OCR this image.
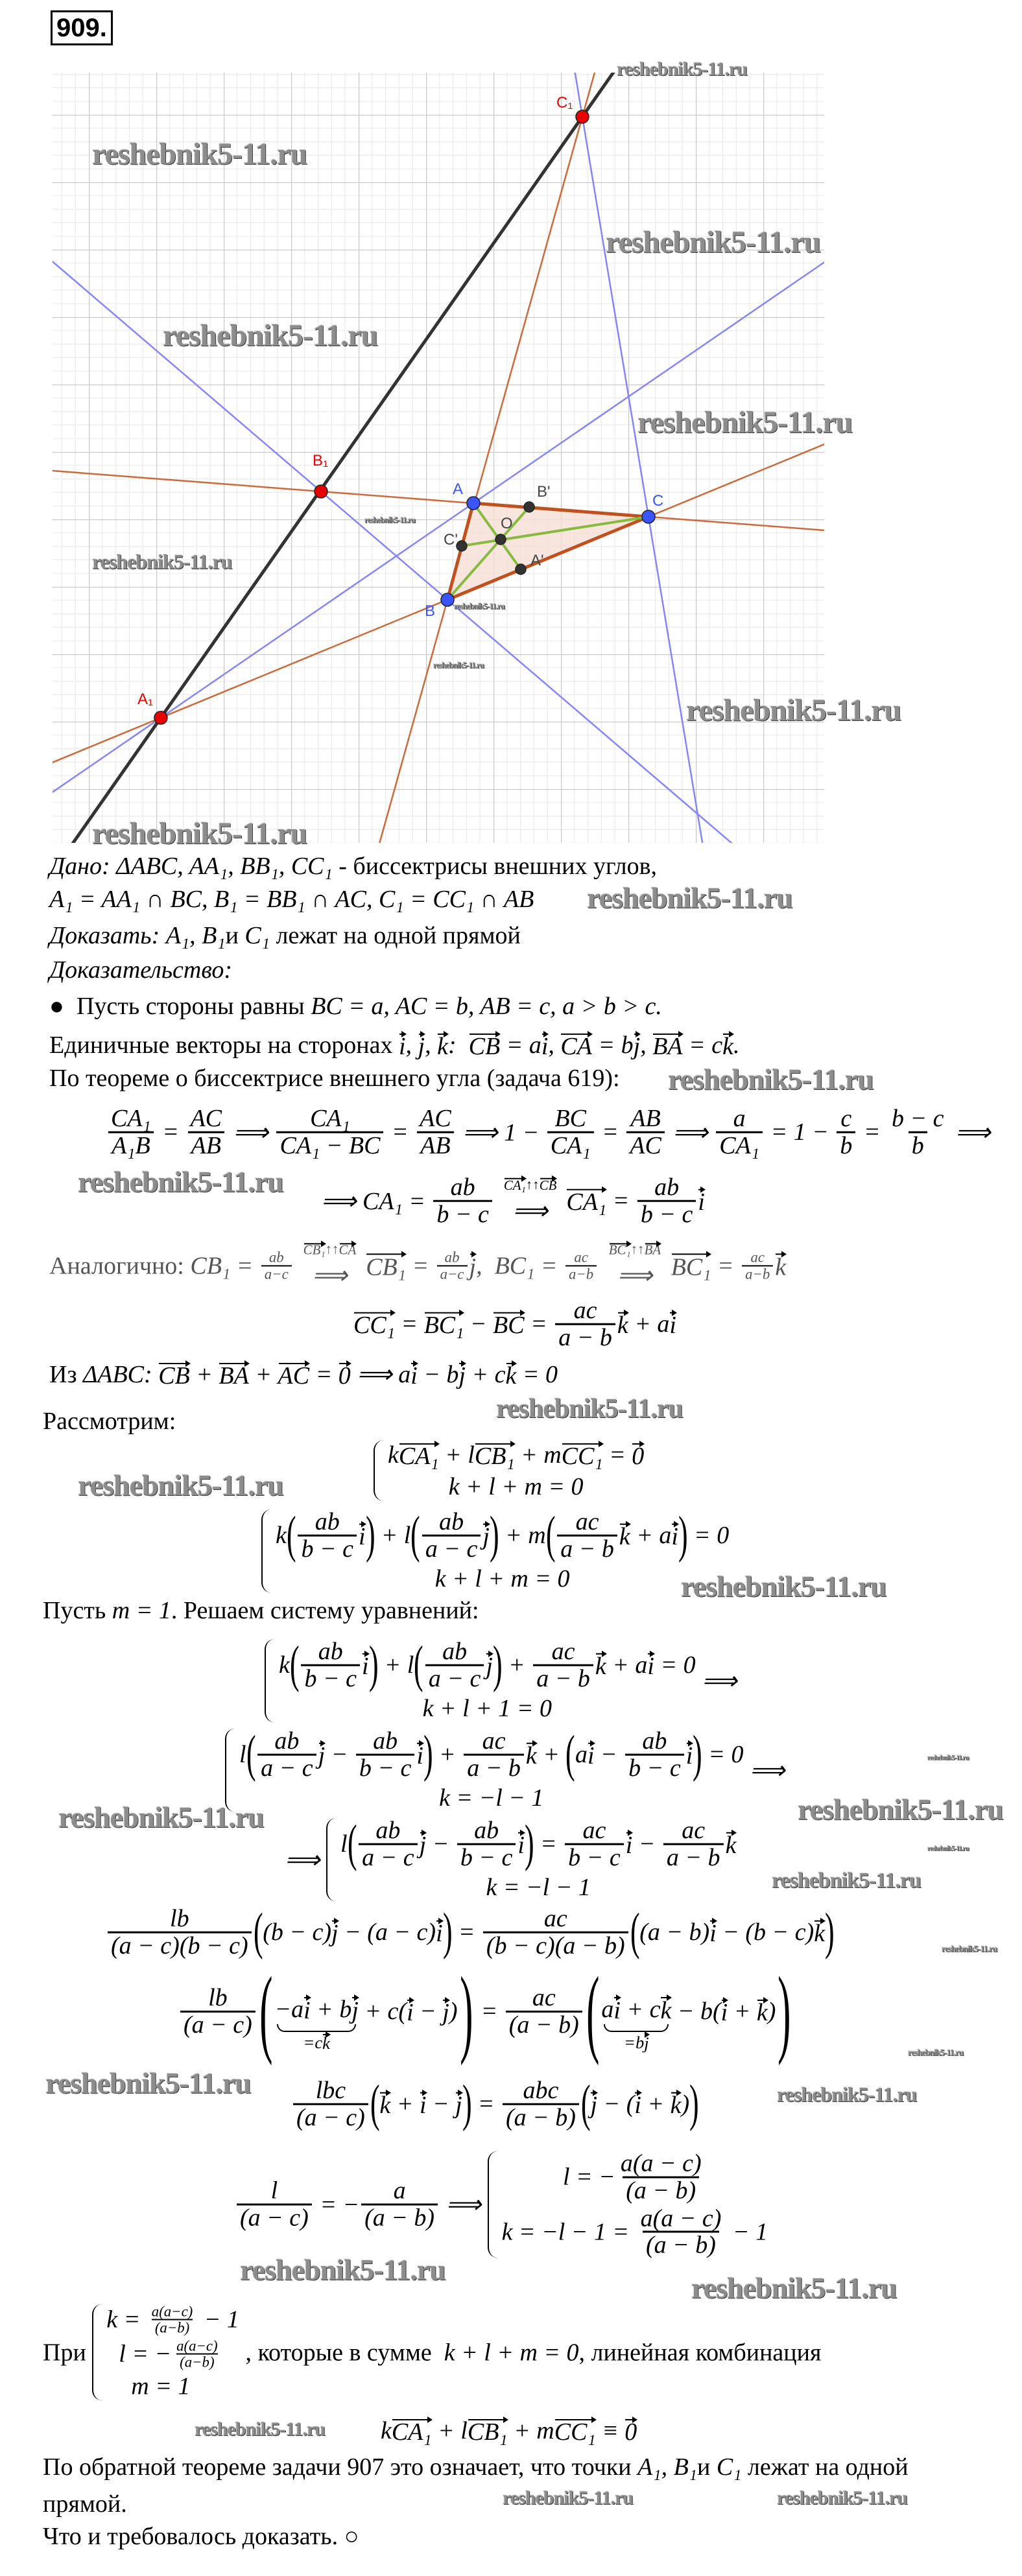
909.
C₁
B₁
A₁
A
B
C
O
B'
C'
A'
reshebnik5-11.ru
reshebnik5-11.ru
reshebnik5-11.ru
reshebnik5-11.ru
reshebnik5-11.ru
reshebnik5-11.ru
reshebnik5-11.ru
reshebnik5-11.ru
reshebnik5-11.ru
reshebnik5-11.ru
reshebnik5-11.ru
reshebnik5-11.ru
reshebnik5-11.ru
reshebnik5-11.ru
reshebnik5-11.ru
reshebnik5-11.ru
reshebnik5-11.ru
reshebnik5-11.ru
reshebnik5-11.ru
reshebnik5-11.ru
reshebnik5-11.ru
reshebnik5-11.ru
reshebnik5-11.ru
reshebnik5-11.ru
reshebnik5-11.ru	reshebnik5-11.ru
reshebnik5-11.ru
reshebnik5-11.ru
reshebnik5-11.ru
reshebnik5-11.ru	reshebnik5-11.ru
Дано: ΔABC, AA₁, BB₁, CC₁ - биссектрисы внешних углов,
A₁ = AA₁ ∩ BC, B₁ = BB₁ ∩ AC, C₁ = CC₁ ∩ AB
Доказать: A₁, B₁ и C₁ лежат на одной прямой
Доказательство:
●  Пусть стороны равны BC = a, AC = b, AB = c, a > b > c.
Единичные векторы на сторонах i , j , k : CB = a i , CA = b j , BA = c k .
По теореме о биссектрисе внешнего угла (задача 619):
$\frac{\text{CA₁}}{\text{A₁B}} = \frac{AC}{AB}$ ⟹ $\frac{\text{CA₁}}{\text{CA₁ − BC}} = \frac{AC}{AB}$ ⟹ $1 - \frac{BC}{\text{CA₁}} = \frac{AB}{AC}$ ⟹ $\frac{a}{\text{CA₁}} = 1 - \frac{c}{b} = \frac{b - c}{b}$ ⟹
⟹ $CA_1 = \frac{ab}{b - c} CA_1$ ↑↑ CB
⟹ $CA_1 = \frac{ab}{b - c}$ i
Аналогично: $CB_1 = \frac{ab}{a-c}$
CB₁ ↑↑ CA
⟹ $CB_1 = \frac{ab}{a-c}$ j ,  $BC_1 = \frac{ac}{a-b}$
BC₁ ↑↑ BA
⟹ $BC_1 = \frac{ac}{a-b}$ k
CC₁ = BC₁ − BC = $\frac{ac}{a - b}$ k + a i
Из ΔABC: CB + BA + AC = 0 ⟹ a i − b j + c k = 0
Рассмотрим:
k CA₁ + l CB₁ + m CC₁ = 0
k + l + m = 0
k ( $\frac{ab}{b - c}$ i ) + l ( $\frac{ab}{a - c}$ j ) + m ( $\frac{ac}{a - b}$ k + a i ) = 0
k + l + m = 0
Пусть m = 1 . Решаем систему уравнений:
k ( $\frac{ab}{b - c}$ i ) + l ( $\frac{ab}{a - c}$ j ) + $\frac{ac}{a - b}$ k + a i = 0
k + l + 1 = 0
⟹
l ( $\frac{ab}{a - c}$ $j - \frac{ab}{b - c}$ i ) + $\frac{ac}{a - b}$ k + ( a $i - \frac{ab}{b - c}$ i ) = 0
k = −l − 1
⟹
⟹
l ( $\frac{ab}{a - c}$ $j - \frac{ab}{b - c}$ i ) = $\frac{ac}{b - c}$ $i - \frac{ac}{a - b}$ k
k = −l − 1
$\frac{lb}{(a - c)(b - c)}$ ( (b − c) j − (a − c) i ) = $\frac{ac}{(b - c)(a - b)}$ ( (a − b) i − (b − c) k )
$\frac{lb}{(a - c)}$ ( −a i + b j
=c k
+ c( i − j ) ) = $\frac{ac}{(a - b)}$ ( a i + c k
=b j
− b( i + k ) )
$\frac{\text{lbc}}{(a - c)}$ ( k + i − j ) = $\frac{\text{abc}}{(a - b)}$ ( j − ( i + k ) )
$\frac{l}{(a - c)}$ = − $\frac{a}{(a - b)}$ ⟹
l = − $\frac{a(a - c)}{(a - b)}$
$k = -l - 1 = \frac{a(a - c)}{(a - b)} - 1$
При
$k = \frac{a(a-c)}{(a-b)} - 1$
l = − $\frac{a(a-c)}{(a-b)}$
m = 1
, которые в сумме k + l + m = 0 , линейная комбинация
k CA₁ + l CB₁ + m CC₁ ≡ 0
По обратной теореме задачи 907 это означает, что точки A₁, B₁ и C₁ лежат на одной
прямой.
Что и требовалось доказать. ○
